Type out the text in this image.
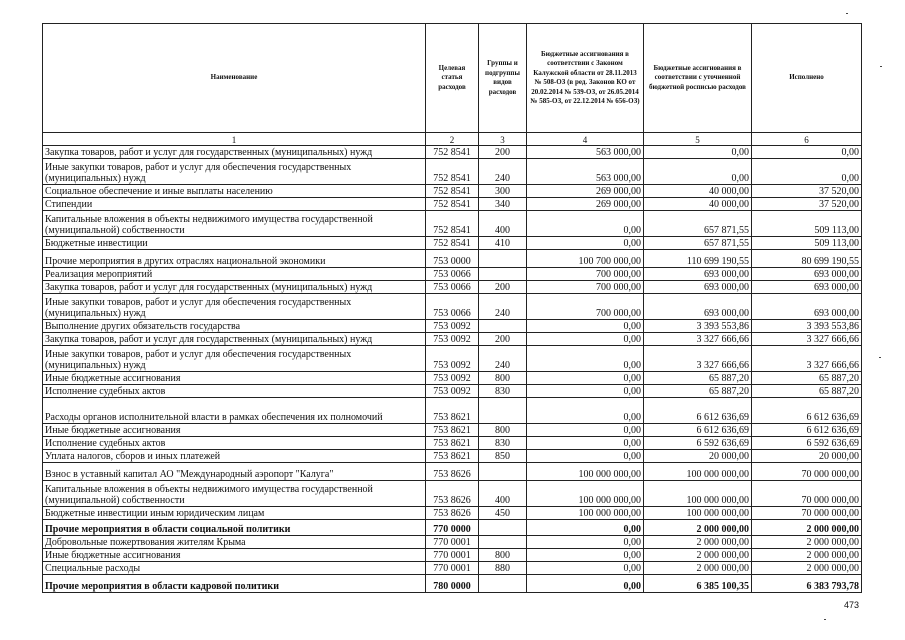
Наименование	Целевая статья расходов	Группы и подгруппы видов расходов	Бюджетные ассигнования в соответствии с Законом Калужской области от 28.11.2013 № 508-ОЗ (в ред. Законов КО от 20.02.2014 № 539-ОЗ, от 26.05.2014 № 585-ОЗ, от 22.12.2014 № 656-ОЗ)	Бюджетные ассигнования в соответствии с уточненной бюджетной росписью расходов	Исполнено
1	2	3	4	5	6
Закупка товаров, работ и услуг для государственных (муниципальных) нужд	752 8541	200	563 000,00	0,00	0,00
Иные закупки товаров, работ и услуг для обеспечения государственных (муниципальных) нужд	752 8541	240	563 000,00	0,00	0,00
Социальное обеспечение и иные выплаты населению	752 8541	300	269 000,00	40 000,00	37 520,00
Стипендии	752 8541	340	269 000,00	40 000,00	37 520,00
Капитальные вложения в объекты недвижимого имущества государственной (муниципальной) собственности	752 8541	400	0,00	657 871,55	509 113,00
Бюджетные инвестиции	752 8541	410	0,00	657 871,55	509 113,00
Прочие мероприятия в других отраслях национальной экономики	753 0000		100 700 000,00	110 699 190,55	80 699 190,55
Реализация мероприятий	753 0066		700 000,00	693 000,00	693 000,00
Закупка товаров, работ и услуг для государственных (муниципальных) нужд	753 0066	200	700 000,00	693 000,00	693 000,00
Иные закупки товаров, работ и услуг для обеспечения государственных (муниципальных) нужд	753 0066	240	700 000,00	693 000,00	693 000,00
Выполнение других обязательств государства	753 0092		0,00	3 393 553,86	3 393 553,86
Закупка товаров, работ и услуг для государственных (муниципальных) нужд	753 0092	200	0,00	3 327 666,66	3 327 666,66
Иные закупки товаров, работ и услуг для обеспечения государственных (муниципальных) нужд	753 0092	240	0,00	3 327 666,66	3 327 666,66
Иные бюджетные ассигнования	753 0092	800	0,00	65 887,20	65 887,20
Исполнение судебных актов	753 0092	830	0,00	65 887,20	65 887,20
Расходы органов исполнительной власти в рамках обеспечения их полномочий	753 8621		0,00	6 612 636,69	6 612 636,69
Иные бюджетные ассигнования	753 8621	800	0,00	6 612 636,69	6 612 636,69
Исполнение судебных актов	753 8621	830	0,00	6 592 636,69	6 592 636,69
Уплата налогов, сборов и иных платежей	753 8621	850	0,00	20 000,00	20 000,00
Взнос в уставный капитал АО "Международный аэропорт "Калуга"	753 8626		100 000 000,00	100 000 000,00	70 000 000,00
Капитальные вложения в объекты недвижимого имущества государственной (муниципальной) собственности	753 8626	400	100 000 000,00	100 000 000,00	70 000 000,00
Бюджетные инвестиции иным юридическим лицам	753 8626	450	100 000 000,00	100 000 000,00	70 000 000,00
Прочие мероприятия в области социальной политики	770 0000		0,00	2 000 000,00	2 000 000,00
Добровольные пожертвования жителям Крыма	770 0001		0,00	2 000 000,00	2 000 000,00
Иные бюджетные ассигнования	770 0001	800	0,00	2 000 000,00	2 000 000,00
Специальные расходы	770 0001	880	0,00	2 000 000,00	2 000 000,00
Прочие мероприятия в области кадровой политики	780 0000		0,00	6 385 100,35	6 383 793,78
473
